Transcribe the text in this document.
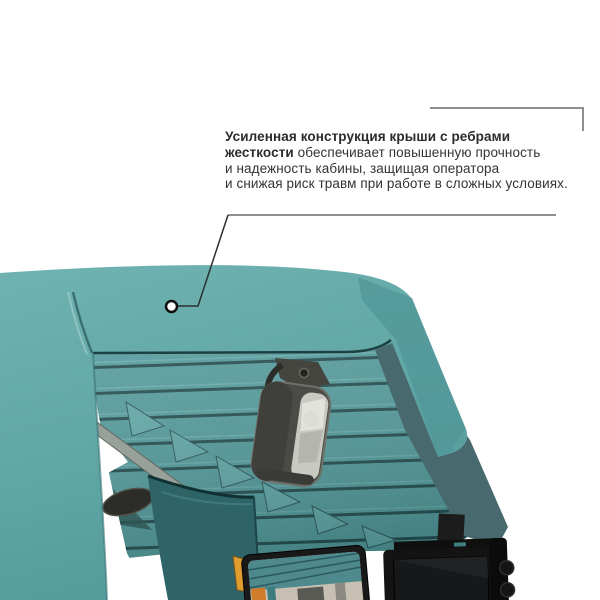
Усиленная конструкция крыши с ребрами
жесткости обеспечивает повышенную прочность
и надежность кабины, защищая оператора
и снижая риск травм при работе в сложных условиях.
